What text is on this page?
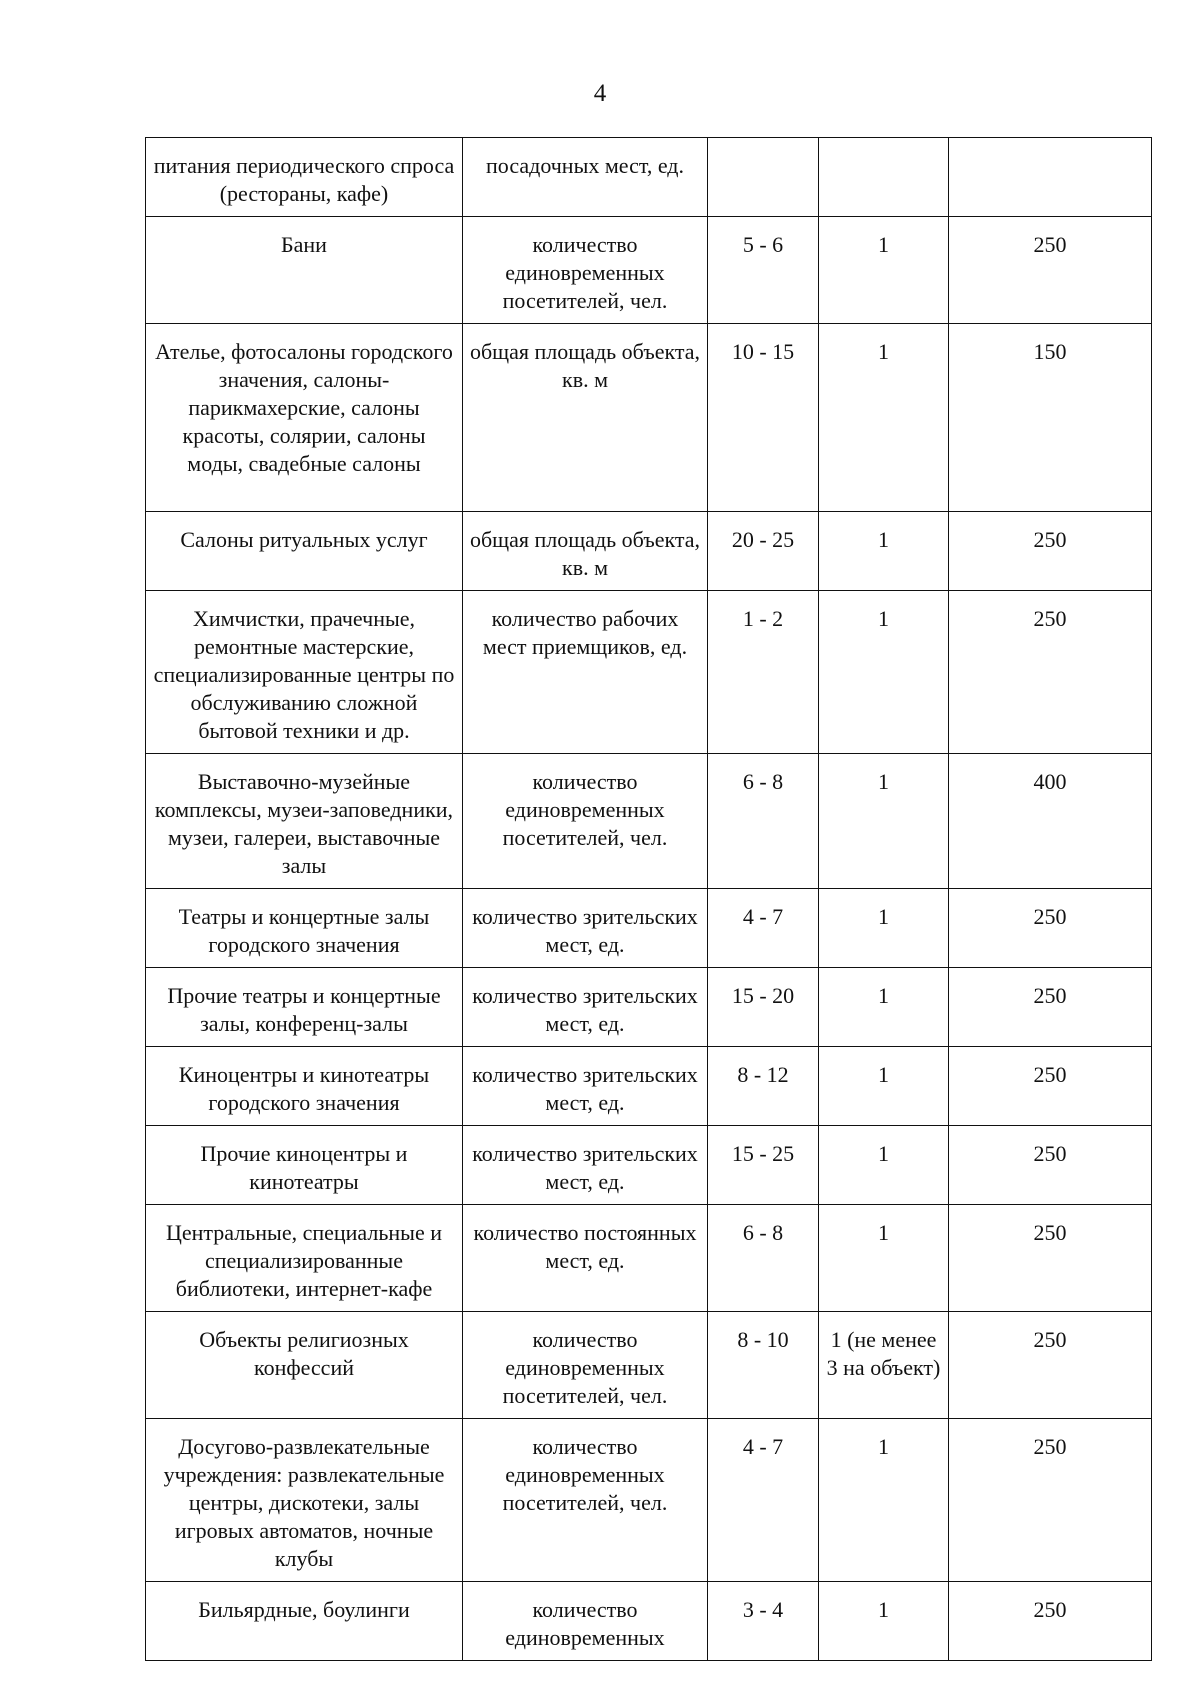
4
питания периодического спроса (рестораны, кафе)	посадочных мест, ед.			
Бани	количество единовременных посетителей, чел.	5 - 6	1	250
Ателье, фотосалоны городского значения, салоны-парикмахерские, салоны красоты, солярии, салоны моды, свадебные салоны	общая площадь объекта, кв. м	10 - 15	1	150
Салоны ритуальных услуг	общая площадь объекта, кв. м	20 - 25	1	250
Химчистки, прачечные, ремонтные мастерские, специализированные центры по обслуживанию сложной бытовой техники и др.	количество рабочих мест приемщиков, ед.	1 - 2	1	250
Выставочно-музейные комплексы, музеи-заповедники, музеи, галереи, выставочные залы	количество единовременных посетителей, чел.	6 - 8	1	400
Театры и концертные залы городского значения	количество зрительских мест, ед.	4 - 7	1	250
Прочие театры и концертные залы, конференц-залы	количество зрительских мест, ед.	15 - 20	1	250
Киноцентры и кинотеатры городского значения	количество зрительских мест, ед.	8 - 12	1	250
Прочие киноцентры и кинотеатры	количество зрительских мест, ед.	15 - 25	1	250
Центральные, специальные и специализированные библиотеки, интернет-кафе	количество постоянных мест, ед.	6 - 8	1	250
Объекты религиозных конфессий	количество единовременных посетителей, чел.	8 - 10	1 (не менее 3 на объект)	250
Досугово-развлекательные учреждения: развлекательные центры, дискотеки, залы игровых автоматов, ночные клубы	количество единовременных посетителей, чел.	4 - 7	1	250
Бильярдные, боулинги	количество единовременных	3 - 4	1	250
